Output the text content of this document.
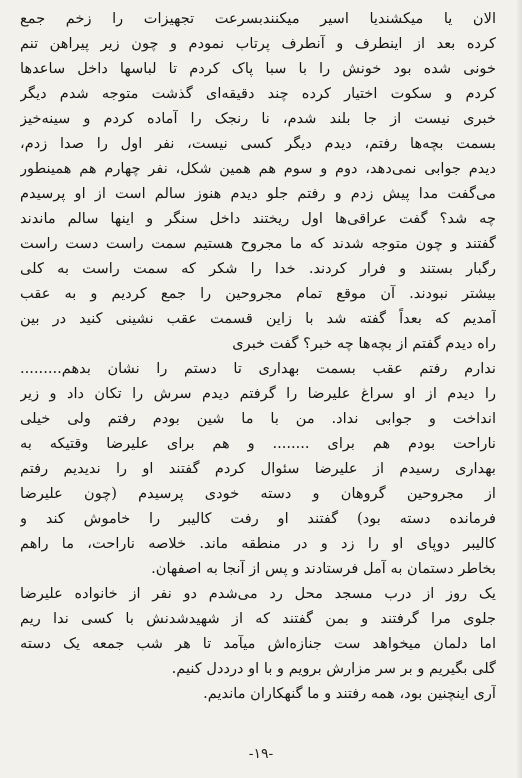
الان یا میکشندیا اسیر میکنندبسرعت تجهیزات را زخم جمع
کرده بعد از اینطرف و آنطرف پرتاب نمودم و چون زیر پیراهن تنم
خونی شده بود خونش را با سبا پاک کردم تا لباسها داخل ساعدها
کردم و سکوت اختیار کرده چند دقیقه‌ای گذشت متوجه شدم دیگر
خبری نیست از جا بلند شدم، نا رنجک را آماده کردم و سینه‌خیز
بسمت بچه‌ها رفتم، دیدم دیگر کسی نیست، نفر اول را صدا زدم،
دیدم جوابی نمی‌دهد، دوم و سوم هم همین شکل، نفر چهارم هم همینطور
می‌گفت مدا پیش زدم و رفتم جلو دیدم هنوز سالم است از او پرسیدم
چه شد؟ گفت عراقی‌ها اول ریختند داخل سنگر و اینها سالم ماندند
گفتند و چون متوجه شدند که ما مجروح هستیم سمت راست دست راست
رگبار بستند و فرار کردند. خدا را شکر که سمت راست به کلی
بیشتر نبودند. آن موقع تمام مجروحین را جمع کردیم و به عقب
آمدیم که بعداً گفته شد با زاین قسمت عقب نشینی کنید در بین
راه دیدم گفتم از بچه‌ها چه خبر؟ گفت خبری
ندارم رفتم عقب بسمت بهداری تا دستم را نشان بدهم.........
را دیدم از او سراغ علیرضا را گرفتم دیدم سرش را تکان داد و زیر
انداخت و جوابی نداد. من با ما شین بودم رفتم ولی خیلی
ناراحت بودم هم برای ........ و هم برای علیرضا وقتیکه به
بهداری رسیدم از علیرضا سئوال کردم گفتند او را ندیدیم رفتم
از مجروحین گروهان و دسته خودی پرسیدم (چون علیرضا
فرمانده دسته بود) گفتند او رفت کالیبر را خاموش کند و
کالیبر دوپای او را زد و در منطقه ماند. خلاصه ناراحت، ما راهم
بخاطر دستمان به آمل فرستادند و پس از آنجا به اصفهان.
یک روز از درب مسجد محل رد می‌شدم دو نفر از خانواده علیرضا
جلوی مرا گرفتند و بمن گفتند که از شهیدشدنش با کسی ندا ریم
اما دلمان میخواهد ست جنازه‌اش میآمد تا هر شب جمعه یک دسته
گلی بگیریم و بر سر مزارش برویم و با او درددل کنیم.
آری اینچنین بود، همه رفتند و ما گنهکاران ماندیم.
-۱۹-
